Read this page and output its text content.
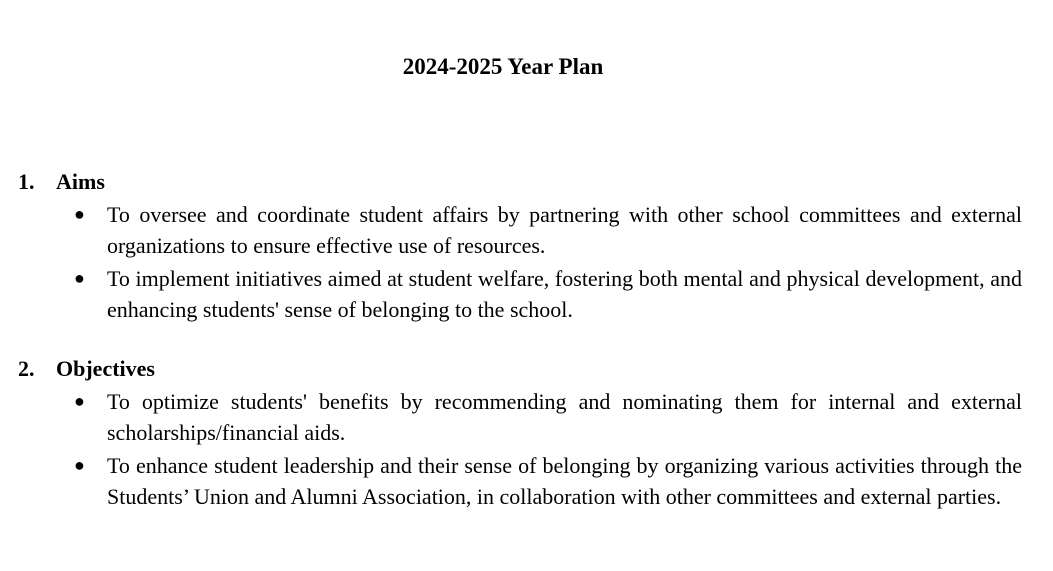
2024-2025 Year Plan
1. Aims
● To oversee and coordinate student affairs by partnering with other school committees and external organizations to ensure effective use of resources.
● To implement initiatives aimed at student welfare, fostering both mental and physical development, and enhancing students' sense of belonging to the school.
2. Objectives
● To optimize students' benefits by recommending and nominating them for internal and external scholarships/financial aids.
● To enhance student leadership and their sense of belonging by organizing various activities through the Students’ Union and Alumni Association, in collaboration with other committees and external parties.
